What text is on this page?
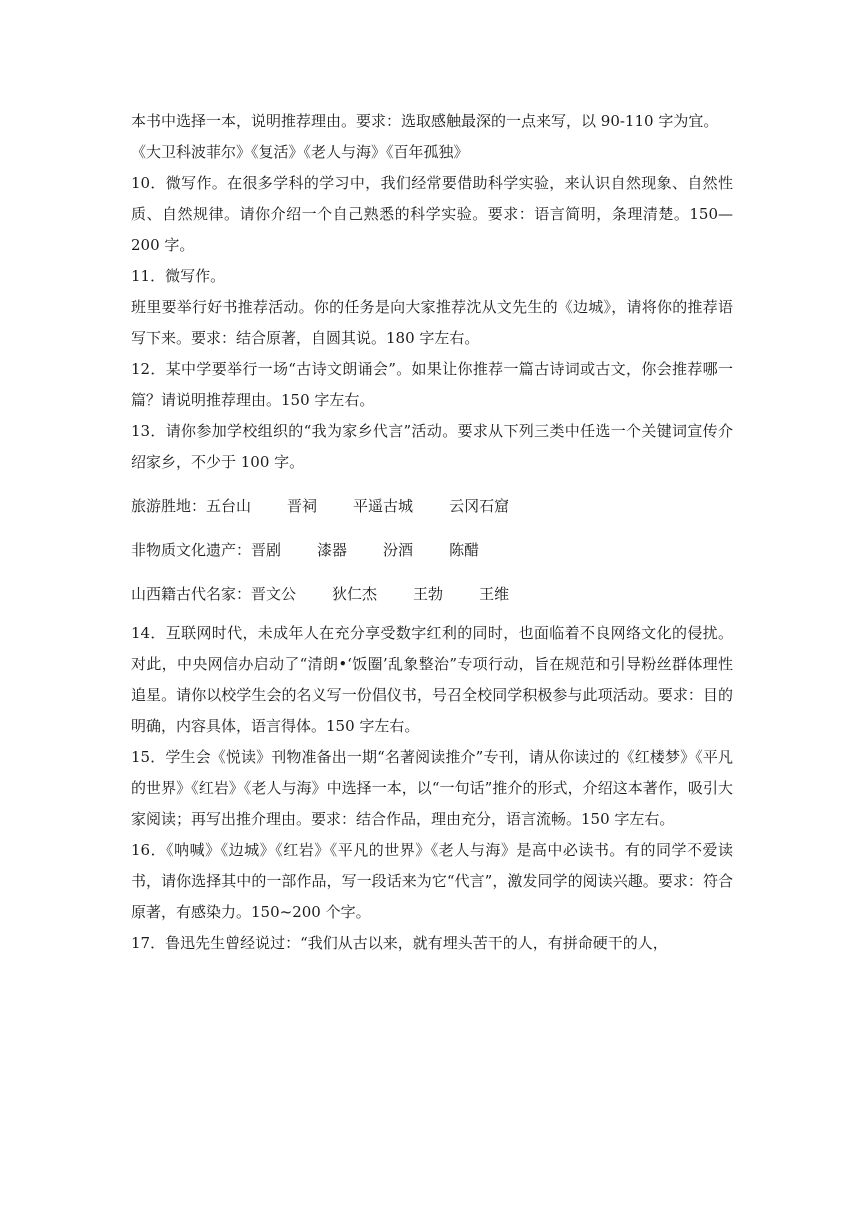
本书中选择一本，说明推荐理由。要求：选取感触最深的一点来写，以 90-110 字为宜。

《大卫科波菲尔》《复活》《老人与海》《百年孤独》

10．微写作。在很多学科的学习中，我们经常要借助科学实验，来认识自然现象、自然性质、自然规律。请你介绍一个自己熟悉的科学实验。要求：语言简明，条理清楚。150—200 字。

11．微写作。

班里要举行好书推荐活动。你的任务是向大家推荐沈从文先生的《边城》，请将你的推荐语写下来。要求：结合原著，自圆其说。180 字左右。

12．某中学要举行一场“古诗文朗诵会”。如果让你推荐一篇古诗词或古文，你会推荐哪一篇？请说明推荐理由。150 字左右。

13．请你参加学校组织的“我为家乡代言”活动。要求从下列三类中任选一个关键词宣传介绍家乡，不少于 100 字。

旅游胜地：五台山 晋祠 平遥古城 云冈石窟

非物质文化遗产：晋剧 漆器 汾酒 陈醋

山西籍古代名家：晋文公 狄仁杰 王勃 王维

14．互联网时代，未成年人在充分享受数字红利的同时，也面临着不良网络文化的侵扰。对此，中央网信办启动了“清朗•‘饭圈’乱象整治”专项行动，旨在规范和引导粉丝群体理性追星。请你以校学生会的名义写一份倡仪书，号召全校同学积极参与此项活动。要求：目的明确，内容具体，语言得体。150 字左右。

15．学生会《悦读》刊物准备出一期“名著阅读推介”专刊，请从你读过的《红楼梦》《平凡的世界》《红岩》《老人与海》中选择一本，以“一句话”推介的形式，介绍这本著作，吸引大家阅读；再写出推介理由。要求：结合作品，理由充分，语言流畅。150 字左右。

16．《呐喊》《边城》《红岩》《平凡的世界》《老人与海》是高中必读书。有的同学不爱读书，请你选择其中的一部作品，写一段话来为它“代言”，激发同学的阅读兴趣。要求：符合原著，有感染力。150~200 个字。

17．鲁迅先生曾经说过：“我们从古以来，就有埋头苦干的人，有拼命硬干的人，
